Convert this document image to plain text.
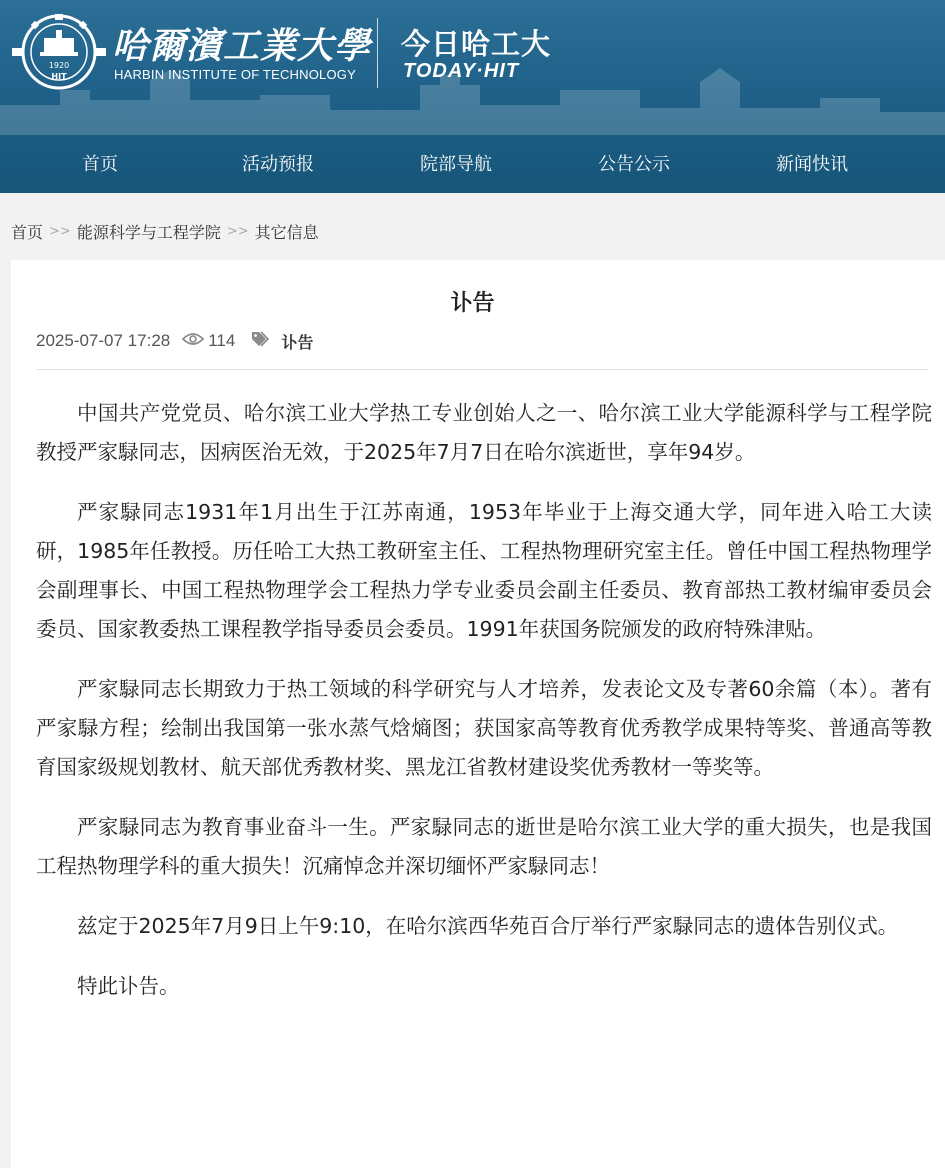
1920
HIT
哈爾濱工業大學
HARBIN INSTITUTE OF TECHNOLOGY
今日哈工大
TODAY·HIT
首页	活动预报	院部导航	公告公示	新闻快讯
首页 >> 能源科学与工程学院 >> 其它信息
讣告
2025-07-07 17:28 114	讣告

中国共产党党员、哈尔滨工业大学热工专业创始人之一、哈尔滨工业大学能源科学与工程学院教授严家騄同志，因病医治无效，于2025年7月7日在哈尔滨逝世，享年94岁。

严家騄同志1931年1月出生于江苏南通，1953年毕业于上海交通大学，同年进入哈工大读研，1985年任教授。历任哈工大热工教研室主任、工程热物理研究室主任。曾任中国工程热物理学会副理事长、中国工程热物理学会工程热力学专业委员会副主任委员、教育部热工教材编审委员会委员、国家教委热工课程教学指导委员会委员。1991年获国务院颁发的政府特殊津贴。

严家騄同志长期致力于热工领域的科学研究与人才培养，发表论文及专著60余篇（本）。著有严家騄方程；绘制出我国第一张水蒸气焓熵图；获国家高等教育优秀教学成果特等奖、普通高等教育国家级规划教材、航天部优秀教材奖、黑龙江省教材建设奖优秀教材一等奖等。

严家騄同志为教育事业奋斗一生。严家騄同志的逝世是哈尔滨工业大学的重大损失，也是我国工程热物理学科的重大损失！沉痛悼念并深切缅怀严家騄同志！

兹定于2025年7月9日上午9:10，在哈尔滨西华苑百合厅举行严家騄同志的遗体告别仪式。

特此讣告。
